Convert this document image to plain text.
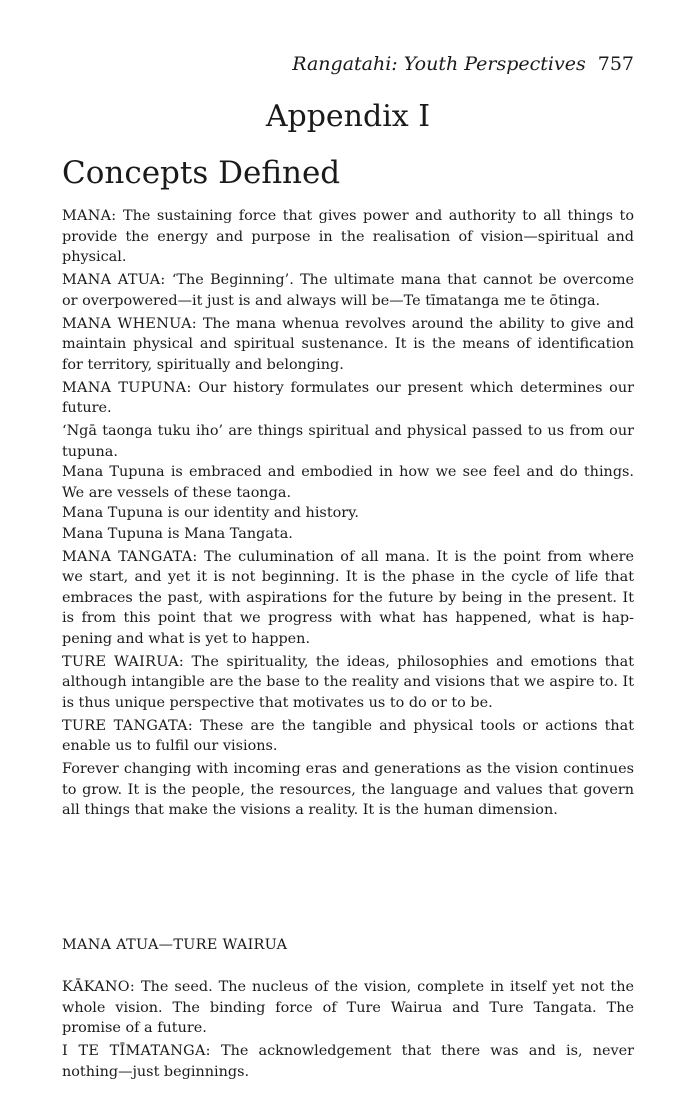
Rangatahi: Youth Perspectives 757
Appendix I
Concepts Defined

MANA: The sustaining force that gives power and authority to all things to provide the energy and purpose in the realisation of vision—spiritual and physical.

MANA ATUA: ‘The Beginning’. The ultimate mana that cannot be overcome or overpowered—it just is and always will be—Te tīmatanga me te ōtinga.

MANA WHENUA: The mana whenua revolves around the ability to give and maintain physical and spiritual sustenance. It is the means of identification for territory, spiritually and belonging.

MANA TUPUNA: Our history formulates our present which determines our future.

‘Ngā taonga tuku iho’ are things spiritual and physical passed to us from our tupuna.

Mana Tupuna is embraced and embodied in how we see feel and do things. We are vessels of these taonga.

Mana Tupuna is our identity and history.

Mana Tupuna is Mana Tangata.

MANA TANGATA: The culumination of all mana. It is the point from where we start, and yet it is not beginning. It is the phase in the cycle of life that embraces the past, with aspirations for the future by being in the present. It is from this point that we progress with what has happened, what is happening and what is yet to happen.

TURE WAIRUA: The spirituality, the ideas, philosophies and emotions that although intangible are the base to the reality and visions that we aspire to. It is thus unique perspective that motivates us to do or to be.

TURE TANGATA: These are the tangible and physical tools or actions that enable us to fulfil our visions.

Forever changing with incoming eras and generations as the vision continues to grow. It is the people, the resources, the language and values that govern all things that make the visions a reality. It is the human dimension.

MANA ATUA—TURE WAIRUA

KĀKANO: The seed. The nucleus of the vision, complete in itself yet not the whole vision. The binding force of Ture Wairua and Ture Tangata. The promise of a future.

I TE TĪMATANGA: The acknowledgement that there was and is, never nothing—just beginnings.
